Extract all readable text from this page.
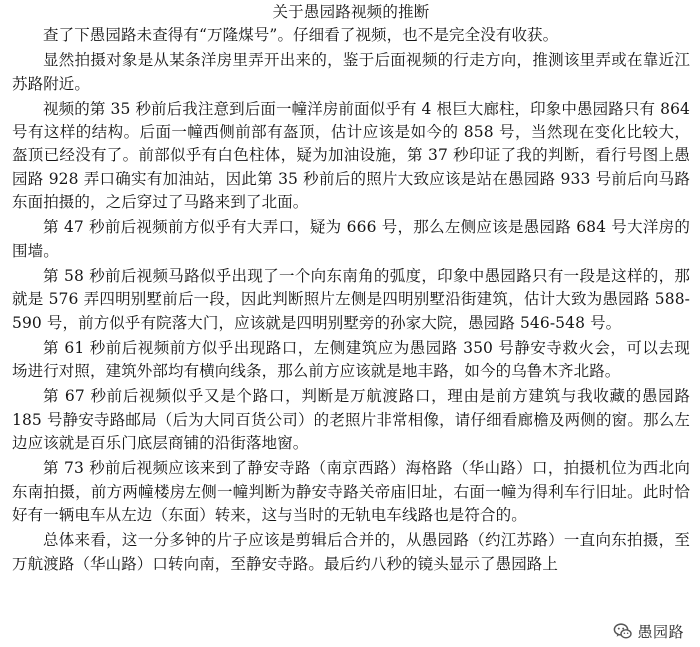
关于愚园路视频的推断

查了下愚园路未查得有“万隆煤号”。仔细看了视频，也不是完全没有收获。

显然拍摄对象是从某条洋房里弄开出来的，鉴于后面视频的行走方向，推测该里弄或在靠近江苏路附近。

视频的第 35 秒前后我注意到后面一幢洋房前面似乎有 4 根巨大廊柱，印象中愚园路只有 864 号有这样的结构。后面一幢西侧前部有盔顶，估计应该是如今的 858 号，当然现在变化比较大，盔顶已经没有了。前部似乎有白色柱体，疑为加油设施，第 37 秒印证了我的判断，看行号图上愚园路 928 弄口确实有加油站，因此第 35 秒前后的照片大致应该是站在愚园路 933 号前后向马路东面拍摄的，之后穿过了马路来到了北面。

第 47 秒前后视频前方似乎有大弄口，疑为 666 号，那么左侧应该是愚园路 684 号大洋房的围墙。

第 58 秒前后视频马路似乎出现了一个向东南角的弧度，印象中愚园路只有一段是这样的，那就是 576 弄四明别墅前后一段，因此判断照片左侧是四明别墅沿街建筑，估计大致为愚园路 588-590 号，前方似乎有院落大门，应该就是四明别墅旁的孙家大院，愚园路 546-548 号。

第 61 秒前后视频前方似乎出现路口，左侧建筑应为愚园路 350 号静安寺救火会，可以去现场进行对照，建筑外部均有横向线条，那么前方应该就是地丰路，如今的乌鲁木齐北路。

第 67 秒前后视频似乎又是个路口，判断是万航渡路口，理由是前方建筑与我收藏的愚园路 185 号静安寺路邮局（后为大同百货公司）的老照片非常相像，请仔细看廊檐及两侧的窗。那么左边应该就是百乐门底层商铺的沿街落地窗。

第 73 秒前后视频应该来到了静安寺路（南京西路）海格路（华山路）口，拍摄机位为西北向东南拍摄，前方两幢楼房左侧一幢判断为静安寺路关帝庙旧址，右面一幢为得利车行旧址。此时恰好有一辆电车从左边（东面）转来，这与当时的无轨电车线路也是符合的。

总体来看，这一分多钟的片子应该是剪辑后合并的，从愚园路（约江苏路）一直向东拍摄，至万航渡路（华山路）口转向南，至静安寺路。最后约八秒的镜头显示了愚园路上

愚园路
